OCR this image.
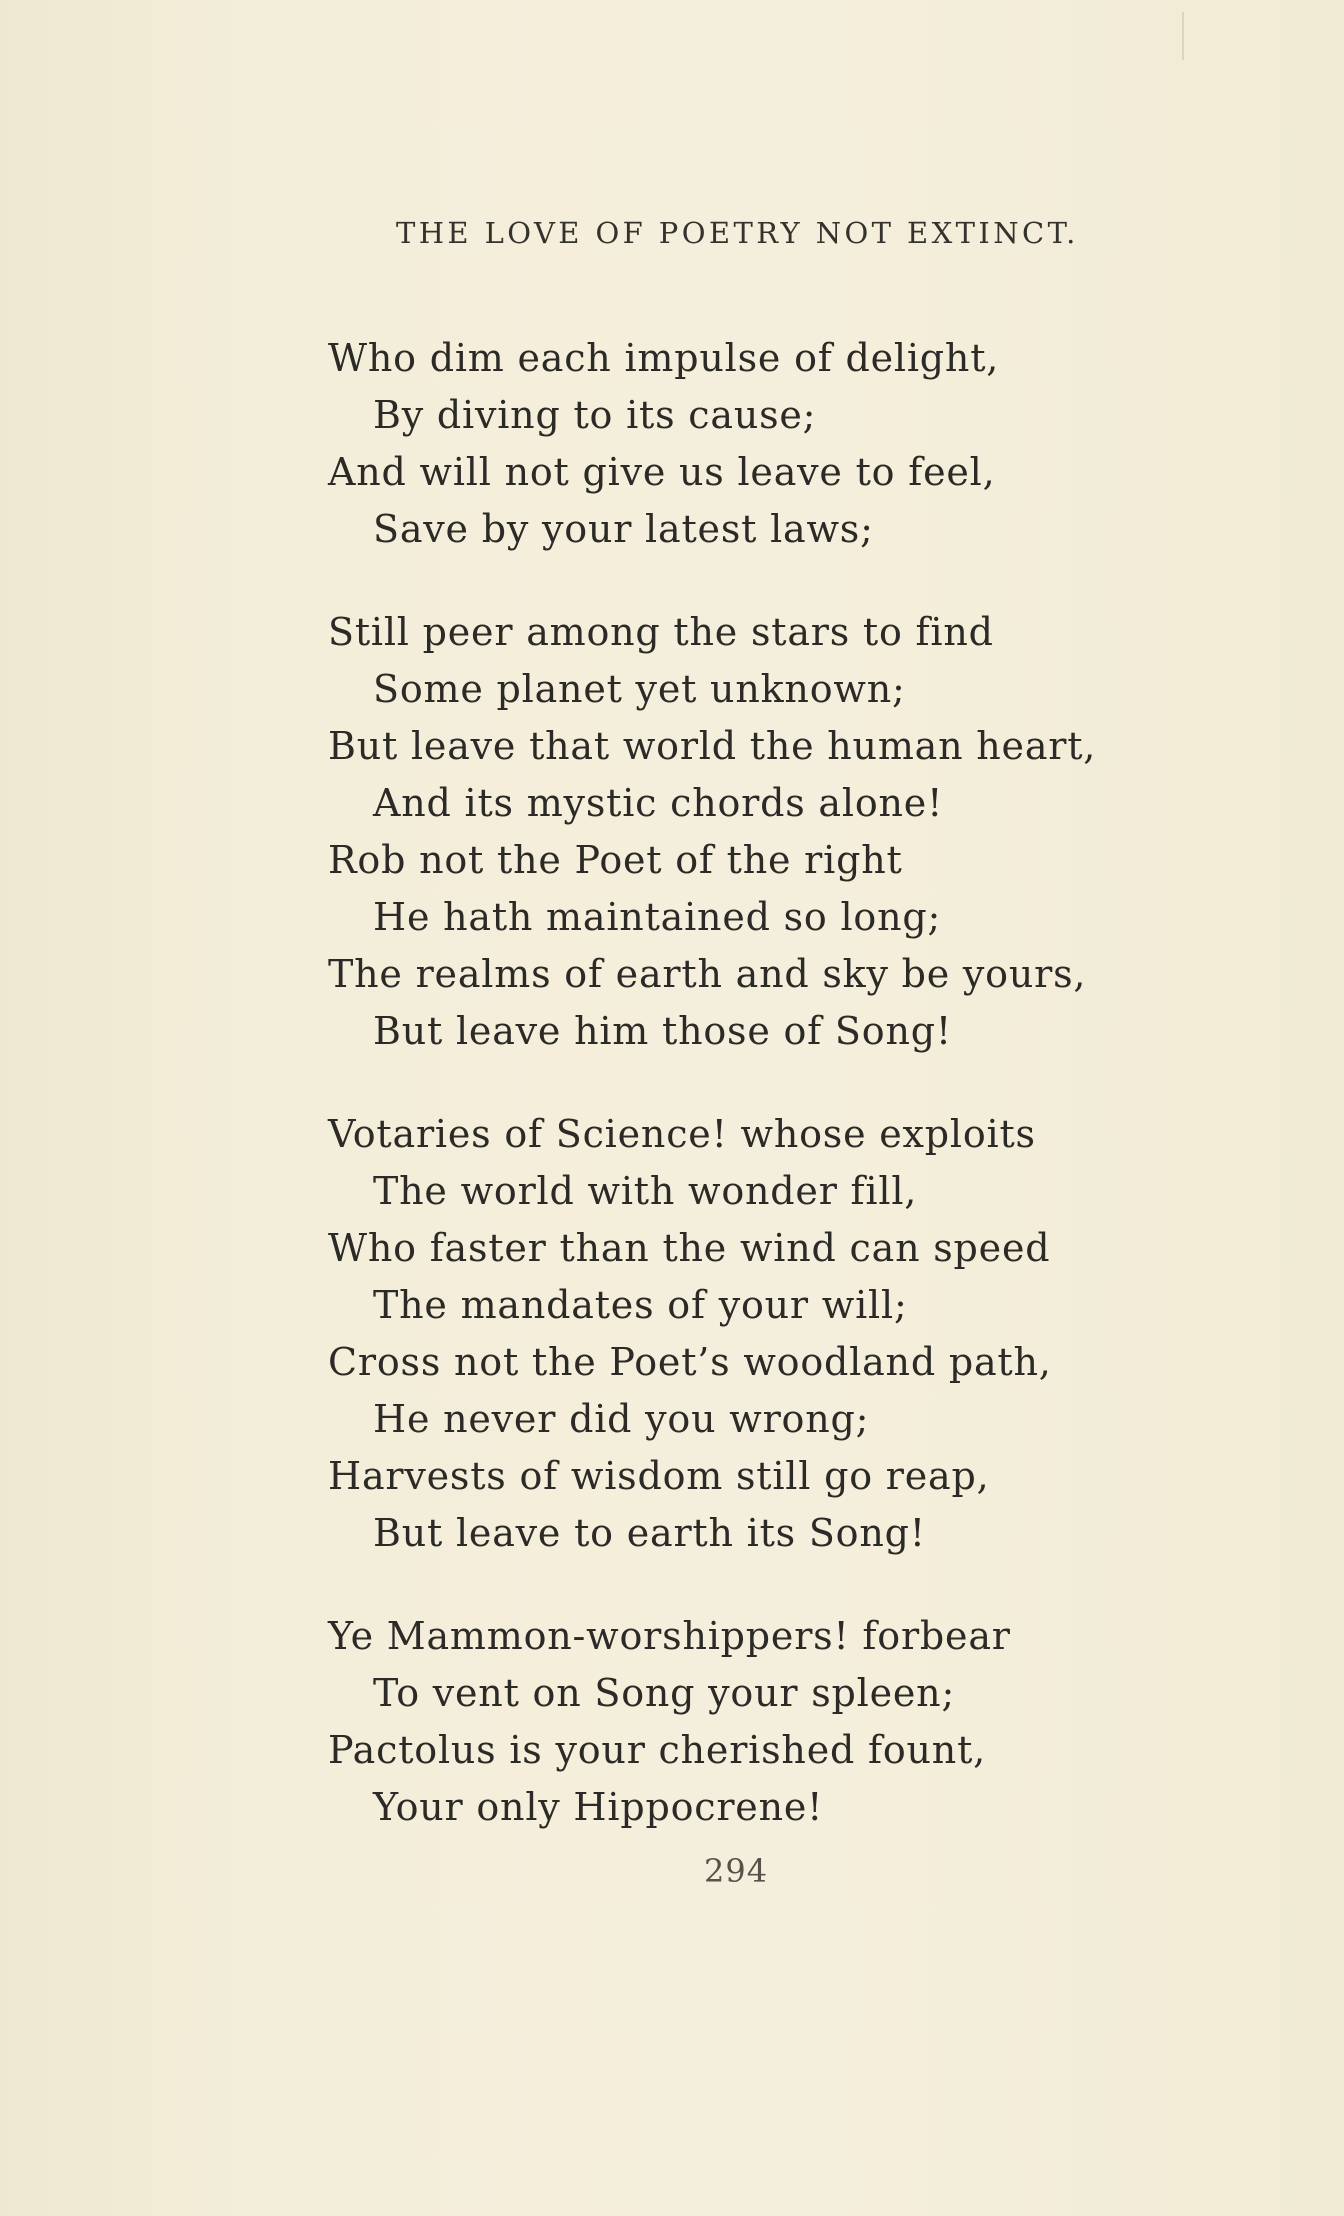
THE LOVE OF POETRY NOT EXTINCT.
Who dim each impulse of delight,
By diving to its cause;
And will not give us leave to feel,
Save by your latest laws;
Still peer among the stars to find
Some planet yet unknown;
But leave that world the human heart,
And its mystic chords alone!
Rob not the Poet of the right
He hath maintained so long;
The realms of earth and sky be yours,
But leave him those of Song!
Votaries of Science! whose exploits
The world with wonder fill,
Who faster than the wind can speed
The mandates of your will;
Cross not the Poet’s woodland path,
He never did you wrong;
Harvests of wisdom still go reap,
But leave to earth its Song!
Ye Mammon-worshippers! forbear
To vent on Song your spleen;
Pactolus is your cherished fount,
Your only Hippocrene!
294
